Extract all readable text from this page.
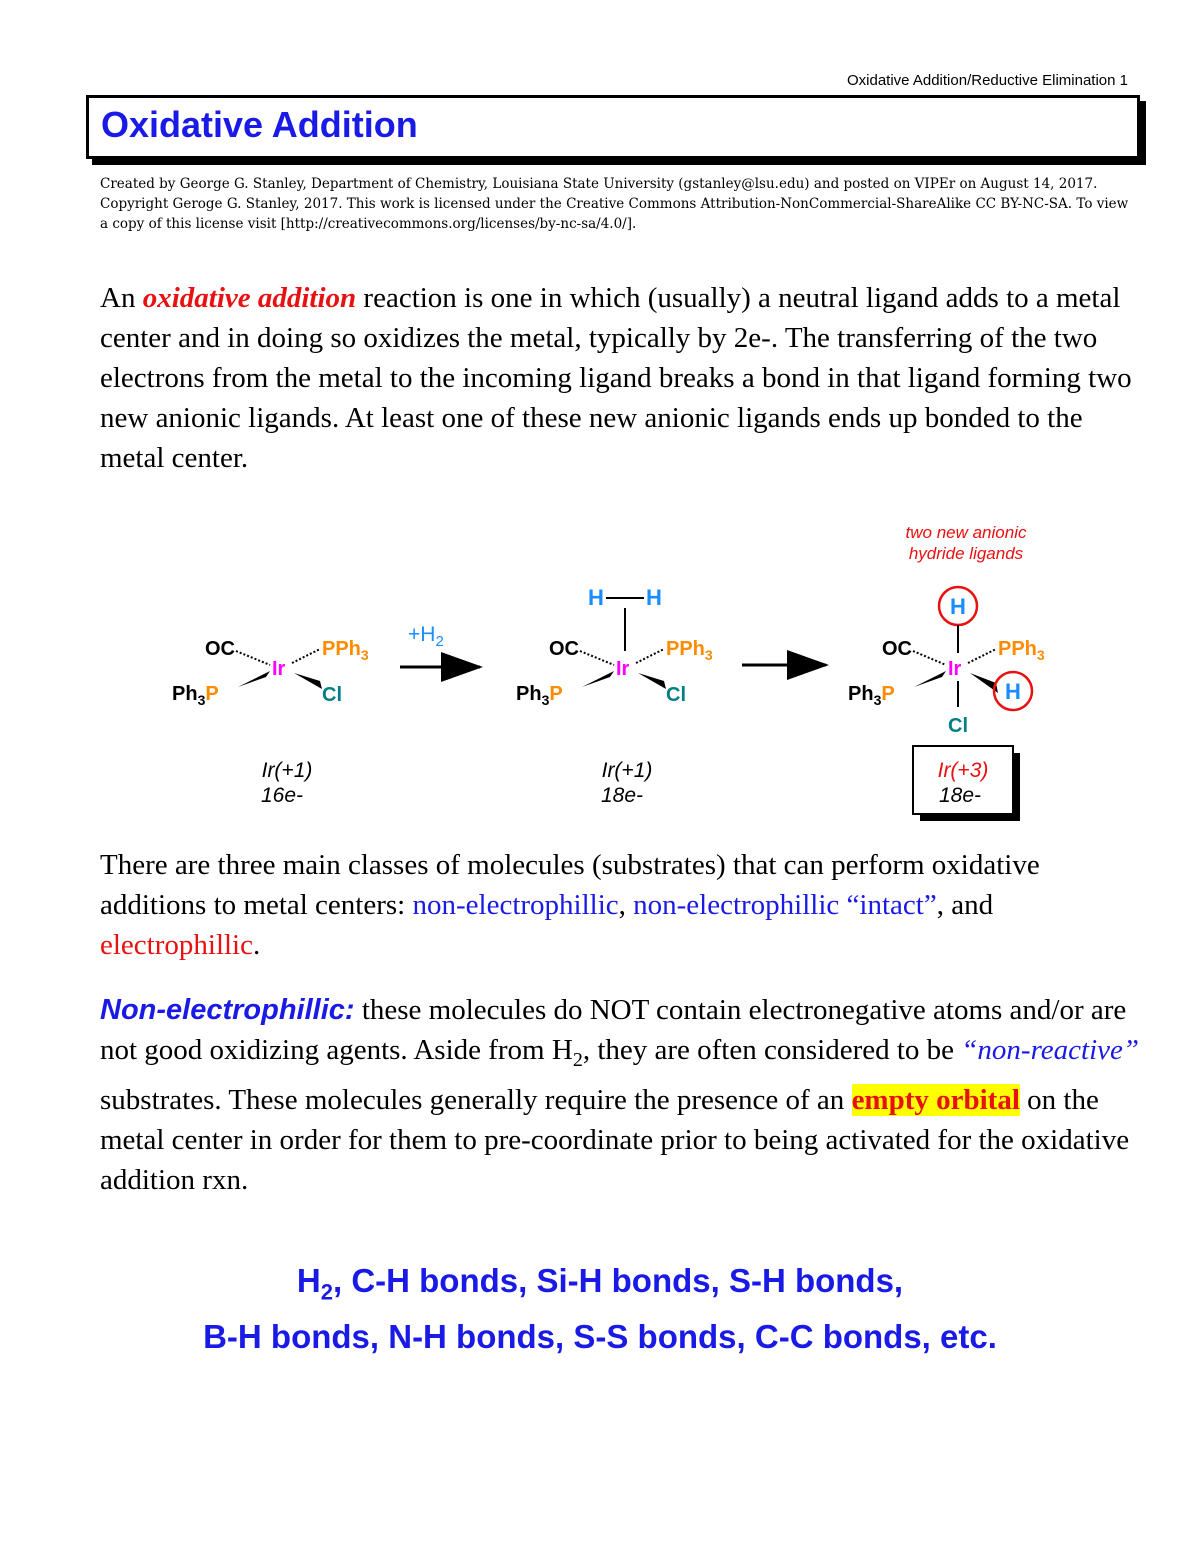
Oxidative Addition/Reductive Elimination 1
Oxidative Addition
Created by George G. Stanley, Department of Chemistry, Louisiana State University (gstanley@lsu.edu) and posted on VIPEr on August 14, 2017. Copyright Geroge G. Stanley, 2017. This work is licensed under the Creative Commons Attribution-NonCommercial-ShareAlike CC BY-NC-SA. To view a copy of this license visit [http://creativecommons.org/licenses/by-nc-sa/4.0/].
An oxidative addition reaction is one in which (usually) a neutral ligand adds to a metal center and in doing so oxidizes the metal, typically by 2e-. The transferring of the two electrons from the metal to the incoming ligand breaks a bond in that ligand forming two new anionic ligands. At least one of these new anionic ligands ends up bonded to the metal center.
two new anionic
hydride ligands
OC
Ir
PPh$_3$
$Ph_3P$	Cl
Ir(+1)
16e-
$+H_2$
H H
OC
Ir
PPh$_3$
$Ph_3P$	Cl
Ir(+1)
18e-
H
OC
Ir
PPh$_3$
$Ph_3P$	H
Cl
Ir(+3)
18e-
There are three main classes of molecules (substrates) that can perform oxidative additions to metal centers: non-electrophillic, non-electrophillic “intact”, and electrophillic.
Non-electrophillic: these molecules do NOT contain electronegative atoms and/or are not good oxidizing agents. Aside from $H_2$, they are often considered to be “non-reactive” substrates. These molecules generally require the presence of an empty orbital on the metal center in order for them to pre-coordinate prior to being activated for the oxidative addition rxn.
$H_2$, C-H bonds, Si-H bonds, S-H bonds,
B-H bonds, N-H bonds, S-S bonds, C-C bonds, etc.
